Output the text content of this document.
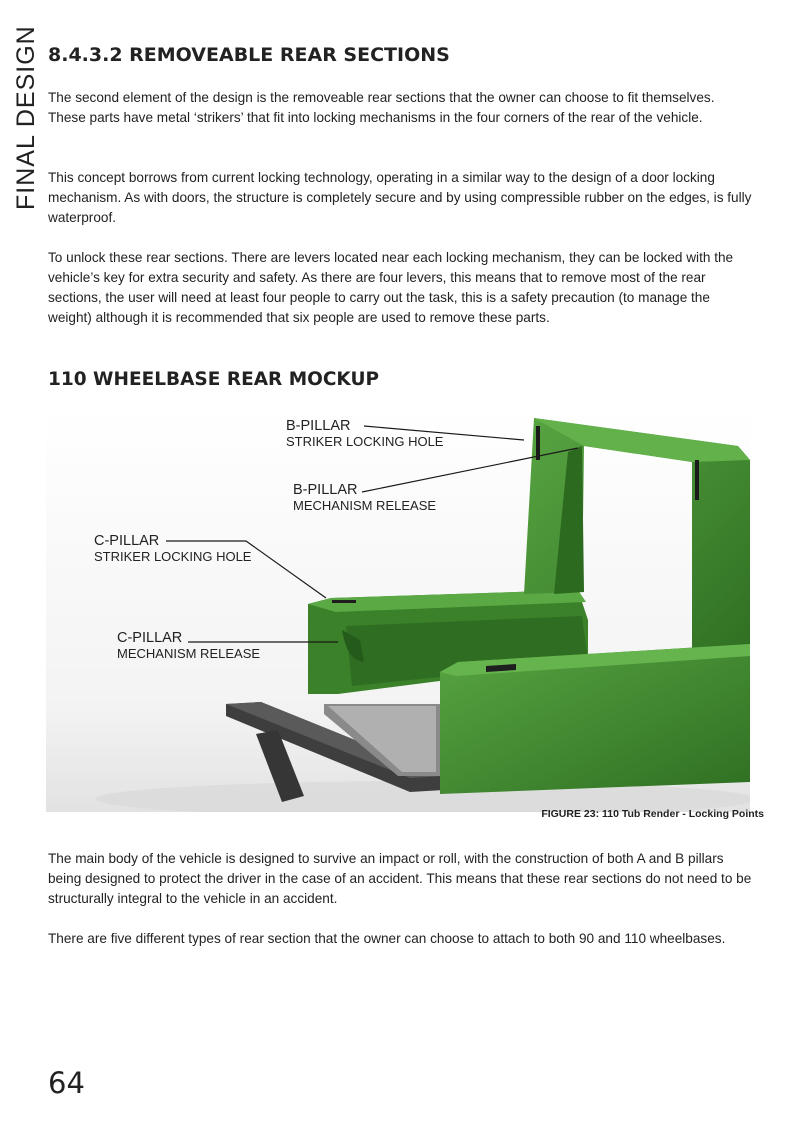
FINAL DESIGN 8.4.3.2 REMOVEABLE REAR SECTIONS

The second element of the design is the removeable rear sections that the owner can choose to fit themselves. These parts have metal ‘strikers’ that fit into locking mechanisms in the four corners of the rear of the vehicle.

This concept borrows from current locking technology, operating in a similar way to the design of a door locking mechanism. As with doors, the structure is completely secure and by using compressible rubber on the edges, is fully waterproof.

To unlock these rear sections. There are levers located near each locking mechanism, they can be locked with the vehicle’s key for extra security and safety. As there are four levers, this means that to remove most of the rear sections, the user will need at least four people to carry out the task, this is a safety precaution (to manage the weight) although it is recommended that six people are used to remove these parts.

110 WHEELBASE REAR MOCKUP
B-PILLAR
STRIKER LOCKING HOLE
B-PILLAR
MECHANISM RELEASE
C-PILLAR
STRIKER LOCKING HOLE
C-PILLAR
MECHANISM RELEASE
FIGURE 23: 110 Tub Render - Locking Points

The main body of the vehicle is designed to survive an impact or roll, with the construction of both A and B pillars being designed to protect the driver in the case of an accident. This means that these rear sections do not need to be structurally integral to the vehicle in an accident.

There are five different types of rear section that the owner can choose to attach to both 90 and 110 wheelbases.

64
